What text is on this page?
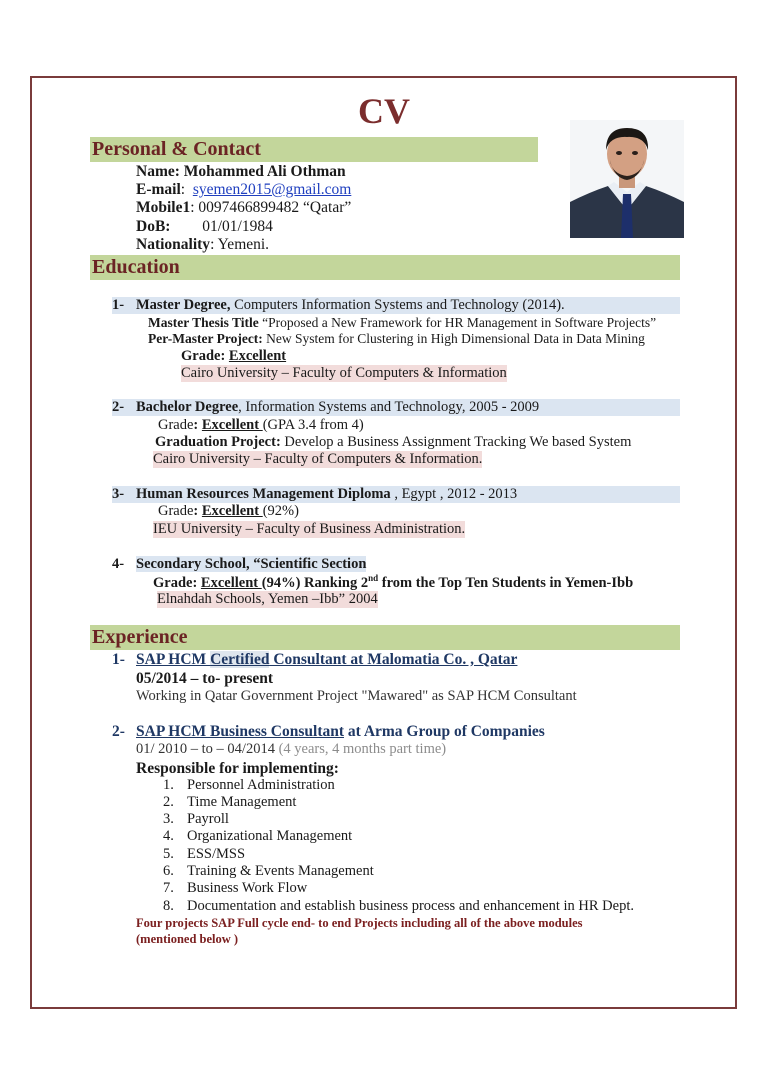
CV
Personal & Contact
Name: Mohammed Ali Othman
E-mail: syemen2015@gmail.com
Mobile1: 0097466899482 “Qatar”
DoB: 01/01/1984
Nationality: Yemeni.
Education
1- Master Degree, Computers Information Systems and Technology (2014).
Master Thesis Title “Proposed a New Framework for HR Management in Software Projects”
Per-Master Project: New System for Clustering in High Dimensional Data in Data Mining
Grade: Excellent
Cairo University – Faculty of Computers & Information
2- Bachelor Degree, Information Systems and Technology, 2005 - 2009
Grade: Excellent (GPA 3.4 from 4)
Graduation Project: Develop a Business Assignment Tracking We based System
Cairo University – Faculty of Computers & Information.
3- Human Resources Management Diploma , Egypt , 2012 - 2013
Grade: Excellent (92%)
IEU University – Faculty of Business Administration.
4- Secondary School, “Scientific Section
Grade: Excellent (94%) Ranking 2nd from the Top Ten Students in Yemen-Ibb
Elnahdah Schools, Yemen –Ibb” 2004
Experience
1- SAP HCM Certified Consultant at Malomatia Co. , Qatar
05/2014 – to- present
Working in Qatar Government Project "Mawared" as SAP HCM Consultant
2- SAP HCM Business Consultant at Arma Group of Companies
01/ 2010 – to – 04/2014 (4 years, 4 months part time)
Responsible for implementing:
1. Personnel Administration
2. Time Management
3. Payroll
4. Organizational Management
5. ESS/MSS
6. Training & Events Management
7. Business Work Flow
8. Documentation and establish business process and enhancement in HR Dept.
Four projects SAP Full cycle end- to end Projects including all of the above modules
(mentioned below )
